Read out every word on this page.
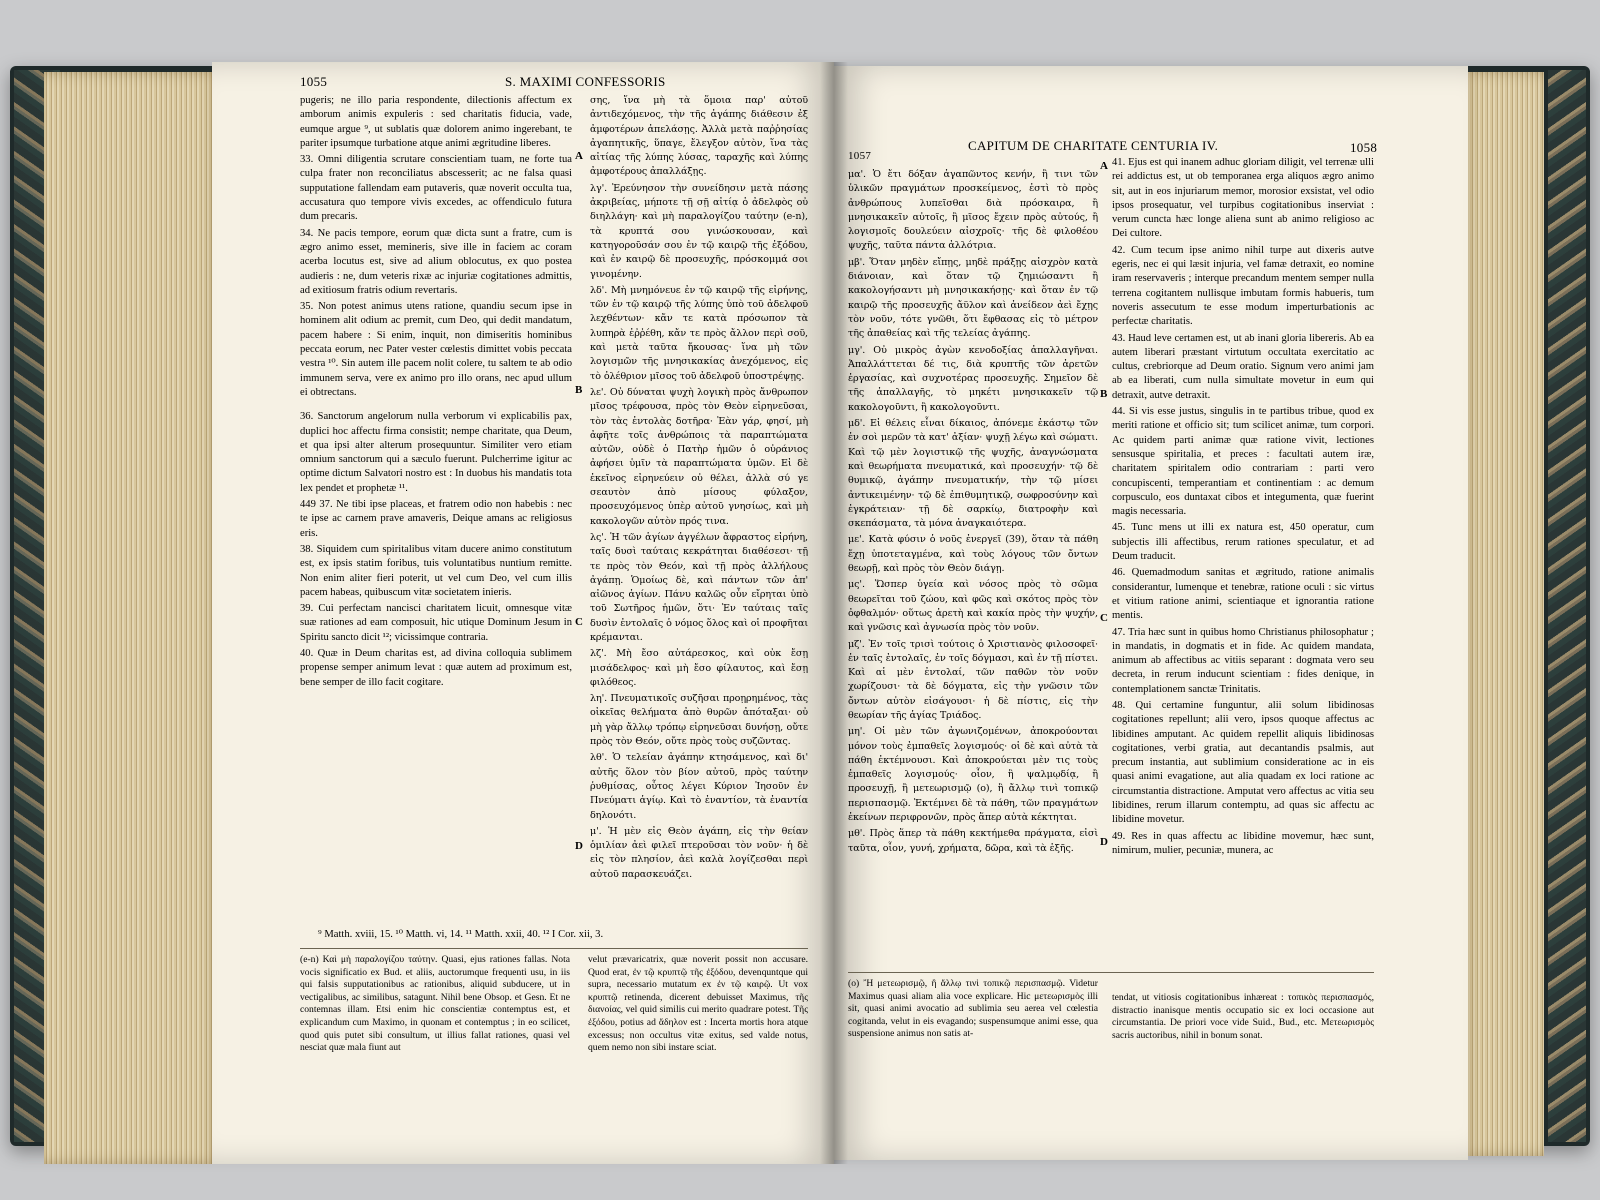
1055	S. MAXIMI CONFESSORIS

pugeris; ne illo paria respondente, dilectionis affectum ex amborum animis expuleris : sed charitatis fiducia, vade, eumque argue ⁹, ut sublatis quæ dolorem animo ingerebant, te pariter ipsumque turbatione atque animi ægritudine liberes.

33. Omni diligentia scrutare conscientiam tuam, ne forte tua culpa frater non reconciliatus abscesserit; ac ne falsa quasi supputatione fallendam eam putaveris, quæ noverit occulta tua, accusatura quo tempore vivis excedes, ac offendiculo futura dum precaris.

34. Ne pacis tempore, eorum quæ dicta sunt a fratre, cum is ægro animo esset, memineris, sive ille in faciem ac coram acerba locutus est, sive ad alium oblocutus, ex quo postea audieris : ne, dum veteris rixæ ac injuriæ cogitationes admittis, ad exitiosum fratris odium revertaris.

35. Non potest animus utens ratione, quandiu secum ipse in hominem alit odium ac premit, cum Deo, qui dedit mandatum, pacem habere : Si enim, inquit, non dimiseritis hominibus peccata eorum, nec Pater vester cœlestis dimittet vobis peccata vestra ¹⁰. Sin autem ille pacem nolit colere, tu saltem te ab odio immunem serva, vere ex animo pro illo orans, nec apud ullum ei obtrectans.

36. Sanctorum angelorum nulla verborum vi explicabilis pax, duplici hoc affectu firma consistit; nempe charitate, qua Deum, et qua ipsi alter alterum prosequuntur. Similiter vero etiam omnium sanctorum qui a sæculo fuerunt. Pulcherrime igitur ac optime dictum Salvatori nostro est : In duobus his mandatis tota lex pendet et prophetæ ¹¹.

449 37. Ne tibi ipse placeas, et fratrem odio non habebis : nec te ipse ac carnem prave amaveris, Deique amans ac religiosus eris.

38. Siquidem cum spiritalibus vitam ducere animo constitutum est, ex ipsis statim foribus, tuis voluntatibus nuntium remitte. Non enim aliter fieri poterit, ut vel cum Deo, vel cum illis pacem habeas, quibuscum vitæ societatem inieris.

39. Cui perfectam nancisci charitatem licuit, omnesque vitæ suæ rationes ad eam composuit, hic utique Dominum Jesum in Spiritu sancto dicit ¹²; vicissimque contraria.

40. Quæ in Deum charitas est, ad divina colloquia sublimem propense semper animum levat : quæ autem ad proximum est, bene semper de illo facit cogitare.

A
B
C
D

σης, ἵνα μὴ τὰ ὅμοια παρ' αὐτοῦ ἀντιδεχόμενος, τὴν τῆς ἀγάπης διάθεσιν ἐξ ἀμφοτέρων ἀπελάσῃς. Ἀλλὰ μετὰ παῤῥησίας ἀγαπητικῆς, ὕπαγε, ἔλεγξον αὐτὸν, ἵνα τὰς αἰτίας τῆς λύπης λύσας, ταραχῆς καὶ λύπης ἀμφοτέρους ἀπαλλάξῃς.

λγ'. Ἐρεύνησον τὴν συνείδησιν μετὰ πάσης ἀκριβείας, μήποτε τῇ σῇ αἰτίᾳ ὁ ἀδελφὸς οὐ διηλλάγη· καὶ μὴ παραλογίζου ταύτην (e-n), τὰ κρυπτά σου γινώσκουσαν, καὶ κατηγοροῦσάν σου ἐν τῷ καιρῷ τῆς ἐξόδου, καὶ ἐν καιρῷ δὲ προσευχῆς, πρόσκομμά σοι γινομένην.

λδ'. Μὴ μνημόνευε ἐν τῷ καιρῷ τῆς εἰρήνης, τῶν ἐν τῷ καιρῷ τῆς λύπης ὑπὸ τοῦ ἀδελφοῦ λεχθέντων· κἄν τε κατὰ πρόσωπον τὰ λυπηρὰ ἐῤῥέθη, κἄν τε πρὸς ἄλλον περὶ σοῦ, καὶ μετὰ ταῦτα ἤκουσας· ἵνα μὴ τῶν λογισμῶν τῆς μνησικακίας ἀνεχόμενος, εἰς τὸ ὀλέθριον μῖσος τοῦ ἀδελφοῦ ὑποστρέψῃς.

λε'. Οὐ δύναται ψυχὴ λογικὴ πρὸς ἄνθρωπον μῖσος τρέφουσα, πρὸς τὸν Θεὸν εἰρηνεῦσαι, τὸν τὰς ἐντολὰς δοτῆρα· Ἐὰν γάρ, φησί, μὴ ἀφῆτε τοῖς ἀνθρώποις τὰ παραπτώματα αὐτῶν, οὐδὲ ὁ Πατὴρ ἡμῶν ὁ οὐράνιος ἀφήσει ὑμῖν τὰ παραπτώματα ὑμῶν. Εἰ δὲ ἐκεῖνος εἰρηνεύειν οὐ θέλει, ἀλλὰ σύ γε σεαυτὸν ἀπὸ μίσους φύλαξον, προσευχόμενος ὑπὲρ αὐτοῦ γνησίως, καὶ μὴ κακολογῶν αὐτὸν πρός τινα.

λς'. Ἡ τῶν ἁγίων ἀγγέλων ἄφραστος εἰρήνη, ταῖς δυσὶ ταύταις κεκράτηται διαθέσεσι· τῇ τε πρὸς τὸν Θεόν, καὶ τῇ πρὸς ἀλλήλους ἀγάπῃ. Ὁμοίως δὲ, καὶ πάντων τῶν ἀπ' αἰῶνος ἁγίων. Πάνυ καλῶς οὖν εἴρηται ὑπὸ τοῦ Σωτῆρος ἡμῶν, ὅτι· Ἐν ταύταις ταῖς δυσὶν ἐντολαῖς ὁ νόμος ὅλος καὶ οἱ προφῆται κρέμανται.

λζ'. Μὴ ἔσο αὐτάρεσκος, καὶ οὐκ ἔσῃ μισάδελφος· καὶ μὴ ἔσο φίλαυτος, καὶ ἔσῃ φιλόθεος.

λη'. Πνευματικοῖς συζῆσαι προῃρημένος, τὰς οἰκεῖας θελήματα ἀπὸ θυρῶν ἀπόταξαι· οὐ μὴ γὰρ ἄλλῳ τρόπῳ εἰρηνεῦσαι δυνήσῃ, οὔτε πρὸς τὸν Θεόν, οὔτε πρὸς τοὺς συζῶντας.

λθ'. Ὁ τελείαν ἀγάπην κτησάμενος, καὶ δι' αὐτῆς ὅλον τὸν βίον αὐτοῦ, πρὸς ταύτην ῥυθμίσας, οὗτος λέγει Κύριον Ἰησοῦν ἐν Πνεύματι ἁγίῳ. Καὶ τὸ ἐναντίον, τὰ ἐναντία δηλονότι.

μ'. Ἡ μὲν εἰς Θεὸν ἀγάπη, εἰς τὴν θείαν ὁμιλίαν ἀεὶ φιλεῖ πτεροῦσαι τὸν νοῦν· ἡ δὲ εἰς τὸν πλησίον, ἀεὶ καλὰ λογίζεσθαι περὶ αὐτοῦ παρασκευάζει.

⁹ Matth. xviii, 15. ¹⁰ Matth. vi, 14. ¹¹ Matth. xxii, 40. ¹² I Cor. xii, 3.
(e-n) Καὶ μὴ παραλογίζου ταύτην. Quasi, ejus rationes fallas. Nota vocis significatio ex Bud. et aliis, auctorumque frequenti usu, in iis qui falsis supputationibus ac rationibus, aliquid subducere, ut in vectigalibus, ac similibus, satagunt. Nihil bene Obsop. et Gesn. Et ne contemnas illam. Etsi enim hic conscientiæ contemptus est, et explicandum cum Maximo, in quonam et contemptus ; in eo scilicet, quod quis putet sibi consultum, ut illius fallat rationes, quasi vel nesciat quæ mala fiunt aut
velut prævaricatrix, quæ noverit possit non accusare. Quod erat, ἐν τῷ κρυπτῷ τῆς ἐξόδου, devenquntque qui supra, necessario mutatum ex ἐν τῷ καιρῷ. Ut vox κρυπτῷ retinenda, dicerent debuisset Maximus, τῆς διανοίας, vel quid similis cui merito quadrare potest. Τῆς ἐξόδου, potius ad ἄδηλον est : Incerta mortis hora atque excessus; non occultus vitæ exitus, sed valde notus, quem nemo non sibi instare sciat.
1057
CAPITUM DE CHARITATE CENTURIA IV.	1058

μα'. Ὁ ἔτι δόξαν ἀγαπῶντος κενήν, ἢ τινι τῶν ὑλικῶν πραγμάτων προσκείμενος, ἐστὶ τὸ πρὸς ἀνθρώπους λυπεῖσθαι διὰ πρόσκαιρα, ἢ μνησικακεῖν αὐτοῖς, ἢ μῖσος ἔχειν πρὸς αὐτούς, ἢ λογισμοῖς δουλεύειν αἰσχροῖς· τῆς δὲ φιλοθέου ψυχῆς, ταῦτα πάντα ἀλλότρια.

μβ'. Ὅταν μηδὲν εἴπῃς, μηδὲ πράξῃς αἰσχρὸν κατὰ διάνοιαν, καὶ ὅταν τῷ ζημιώσαντι ἢ κακολογήσαντι μὴ μνησικακήσῃς· καὶ ὅταν ἐν τῷ καιρῷ τῆς προσευχῆς ἄϋλον καὶ ἀνείδεον ἀεὶ ἔχῃς τὸν νοῦν, τότε γνῶθι, ὅτι ἔφθασας εἰς τὸ μέτρον τῆς ἀπαθείας καὶ τῆς τελείας ἀγάπης.

μγ'. Οὐ μικρὸς ἀγὼν κενοδοξίας ἀπαλλαγῆναι. Ἀπαλλάττεται δέ τις, διὰ κρυπτῆς τῶν ἀρετῶν ἐργασίας, καὶ συχνοτέρας προσευχῆς. Σημεῖον δὲ τῆς ἀπαλλαγῆς, τὸ μηκέτι μνησικακεῖν τῷ κακολογοῦντι, ἢ κακολογοῦντι.

μδ'. Εἰ θέλεις εἶναι δίκαιος, ἀπόνεμε ἑκάστῳ τῶν ἐν σοὶ μερῶν τὰ κατ' ἀξίαν· ψυχῇ λέγω καὶ σώματι. Καὶ τῷ μὲν λογιστικῷ τῆς ψυχῆς, ἀναγνώσματα καὶ θεωρήματα πνευματικά, καὶ προσευχήν· τῷ δὲ θυμικῷ, ἀγάπην πνευματικήν, τὴν τῷ μίσει ἀντικειμένην· τῷ δὲ ἐπιθυμητικῷ, σωφροσύνην καὶ ἐγκράτειαν· τῇ δὲ σαρκίῳ, διατροφὴν καὶ σκεπάσματα, τὰ μόνα ἀναγκαιότερα.

με'. Κατὰ φύσιν ὁ νοῦς ἐνεργεῖ (39), ὅταν τὰ πάθη ἔχῃ ὑποτεταγμένα, καὶ τοὺς λόγους τῶν ὄντων θεωρῇ, καὶ πρὸς τὸν Θεὸν διάγῃ.

μς'. Ὥσπερ ὑγεία καὶ νόσος πρὸς τὸ σῶμα θεωρεῖται τοῦ ζώου, καὶ φῶς καὶ σκότος πρὸς τὸν ὀφθαλμόν· οὕτως ἀρετὴ καὶ κακία πρὸς τὴν ψυχήν, καὶ γνῶσις καὶ ἀγνωσία πρὸς τὸν νοῦν.

μζ'. Ἐν τοῖς τρισὶ τούτοις ὁ Χριστιανὸς φιλοσοφεῖ· ἐν ταῖς ἐντολαῖς, ἐν τοῖς δόγμασι, καὶ ἐν τῇ πίστει. Καὶ αἱ μὲν ἐντολαί, τῶν παθῶν τὸν νοῦν χωρίζουσι· τὰ δὲ δόγματα, εἰς τὴν γνῶσιν τῶν ὄντων αὐτὸν εἰσάγουσι· ἡ δὲ πίστις, εἰς τὴν θεωρίαν τῆς ἁγίας Τριάδος.

μη'. Οἱ μὲν τῶν ἀγωνιζομένων, ἀποκρούονται μόνον τοὺς ἐμπαθεῖς λογισμούς· οἱ δὲ καὶ αὐτὰ τὰ πάθη ἐκτέμνουσι. Καὶ ἀποκρούεται μὲν τις τοὺς ἐμπαθεῖς λογισμούς· οἷον, ἢ ψαλμῳδίᾳ, ἢ προσευχῇ, ἢ μετεωρισμῷ (o), ἢ ἄλλῳ τινὶ τοπικῷ περισπασμῷ. Ἐκτέμνει δὲ τὰ πάθη, τῶν πραγμάτων ἐκείνων περιφρονῶν, πρὸς ἅπερ αὐτὰ κέκτηται.

μθ'. Πρὸς ἅπερ τὰ πάθη κεκτήμεθα πράγματα, εἰσὶ ταῦτα, οἷον, γυνή, χρήματα, δῶρα, καὶ τὰ ἑξῆς.

A
B
C
D

41. Ejus est qui inanem adhuc gloriam diligit, vel terrenæ ulli rei addictus est, ut ob temporanea erga aliquos ægro animo sit, aut in eos injuriarum memor, morosior exsistat, vel odio ipsos prosequatur, vel turpibus cogitationibus inserviat : verum cuncta hæc longe aliena sunt ab animo religioso ac Dei cultore.

42. Cum tecum ipse animo nihil turpe aut dixeris autve egeris, nec ei qui læsit injuria, vel famæ detraxit, eo nomine iram reservaveris ; interque precandum mentem semper nulla terrena cogitantem nullisque imbutam formis habueris, tum noveris assecutum te esse modum imperturbationis ac perfectæ charitatis.

43. Haud leve certamen est, ut ab inani gloria libereris. Ab ea autem liberari præstant virtutum occultata exercitatio ac cultus, crebriorque ad Deum oratio. Signum vero animi jam ab ea liberati, cum nulla simultate movetur in eum qui detraxit, autve detraxit.

44. Si vis esse justus, singulis in te partibus tribue, quod ex meriti ratione et officio sit; tum scilicet animæ, tum corpori. Ac quidem parti animæ quæ ratione vivit, lectiones sensusque spiritalia, et preces : facultati autem iræ, charitatem spiritalem odio contrariam : parti vero concupiscenti, temperantiam et continentiam : ac demum corpusculo, eos duntaxat cibos et integumenta, quæ fuerint magis necessaria.

45. Tunc mens ut illi ex natura est, 450 operatur, cum subjectis illi affectibus, rerum rationes speculatur, et ad Deum traducit.

46. Quemadmodum sanitas et ægritudo, ratione animalis considerantur, lumenque et tenebræ, ratione oculi : sic virtus et vitium ratione animi, scientiaque et ignorantia ratione mentis.

47. Tria hæc sunt in quibus homo Christianus philosophatur ; in mandatis, in dogmatis et in fide. Ac quidem mandata, animum ab affectibus ac vitiis separant : dogmata vero seu decreta, in rerum inducunt scientiam : fides denique, in contemplationem sanctæ Trinitatis.

48. Qui certamine funguntur, alii solum libidinosas cogitationes repellunt; alii vero, ipsos quoque affectus ac libidines amputant. Ac quidem repellit aliquis libidinosas cogitationes, verbi gratia, aut decantandis psalmis, aut precum instantia, aut sublimium consideratione ac in eis quasi animi evagatione, aut alia quadam ex loci ratione ac circumstantia distractione. Amputat vero affectus ac vitia seu libidines, rerum illarum contemptu, ad quas sic affectu ac libidine movetur.

49. Res in quas affectu ac libidine movemur, hæc sunt, nimirum, mulier, pecuniæ, munera, ac

(o) Ἢ μετεωρισμῷ, ἢ ἄλλῳ τινὶ τοπικῷ περισπασμῷ. Videtur Maximus quasi aliam alia voce explicare. Hic μετεωρισμὸς illi sit, quasi animi avocatio ad sublimia seu aerea vel cœlestia cogitanda, velut in eis evagando; suspensumque animi esse, qua suspensione animus non satis at-
tendat, ut vitiosis cogitationibus inhæreat : τοπικὸς περισπασμός, distractio inanisque mentis occupatio sic ex loci occasione aut circumstantia. De priori voce vide Suid., Bud., etc. Μετεωρισμὸς sacris auctoribus, nihil in bonum sonat.
